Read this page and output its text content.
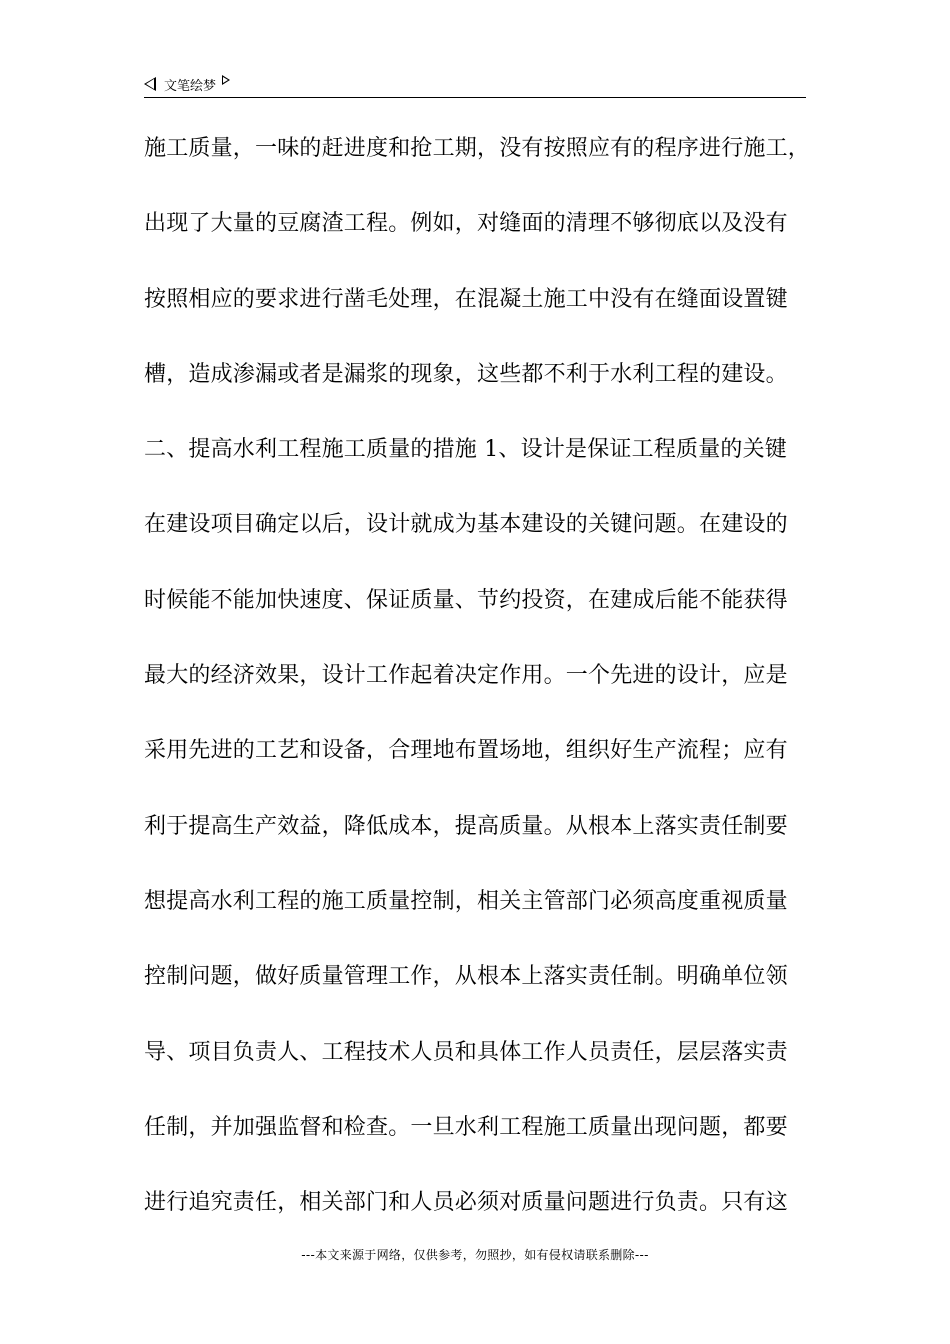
文笔绘梦
施工质量，一味的赶进度和抢工期，没有按照应有的程序进行施工，
出现了大量的豆腐渣工程。例如，对缝面的清理不够彻底以及没有
按照相应的要求进行凿毛处理，在混凝土施工中没有在缝面设置键
槽，造成渗漏或者是漏浆的现象，这些都不利于水利工程的建设。
二、提高水利工程施工质量的措施 1、设计是保证工程质量的关键
在建设项目确定以后，设计就成为基本建设的关键问题。在建设的
时候能不能加快速度、保证质量、节约投资，在建成后能不能获得
最大的经济效果，设计工作起着决定作用。一个先进的设计，应是
采用先进的工艺和设备，合理地布置场地，组织好生产流程；应有
利于提高生产效益，降低成本，提高质量。从根本上落实责任制要
想提高水利工程的施工质量控制，相关主管部门必须高度重视质量
控制问题，做好质量管理工作，从根本上落实责任制。明确单位领
导、项目负责人、工程技术人员和具体工作人员责任，层层落实责
任制，并加强监督和检查。一旦水利工程施工质量出现问题，都要
进行追究责任，相关部门和人员必须对质量问题进行负责。只有这
---本文来源于网络，仅供参考，勿照抄，如有侵权请联系删除---
